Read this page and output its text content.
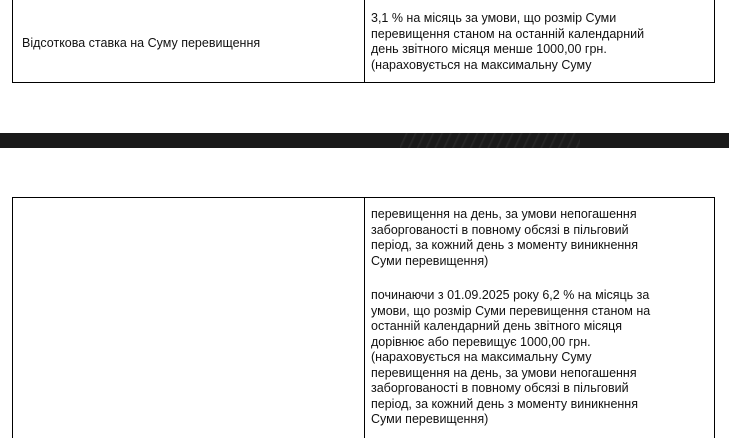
Відсоткова ставка на Суму перевищення
3,1 % на місяць за умови, що розмір Суми
перевищення станом на останній календарний
день звітного місяця менше 1000,00 грн.
(нараховується на максимальну Суму
перевищення на день, за умови непогашення
заборгованості в повному обсязі в пільговий
період, за кожний день з моменту виникнення
Суми перевищення)
починаючи з 01.09.2025 року 6,2 % на місяць за
умови, що розмір Суми перевищення станом на
останній календарний день звітного місяця
дорівнює або перевищує 1000,00 грн.
(нараховується на максимальну Суму
перевищення на день, за умови непогашення
заборгованості в повному обсязі в пільговий
період, за кожний день з моменту виникнення
Суми перевищення)
